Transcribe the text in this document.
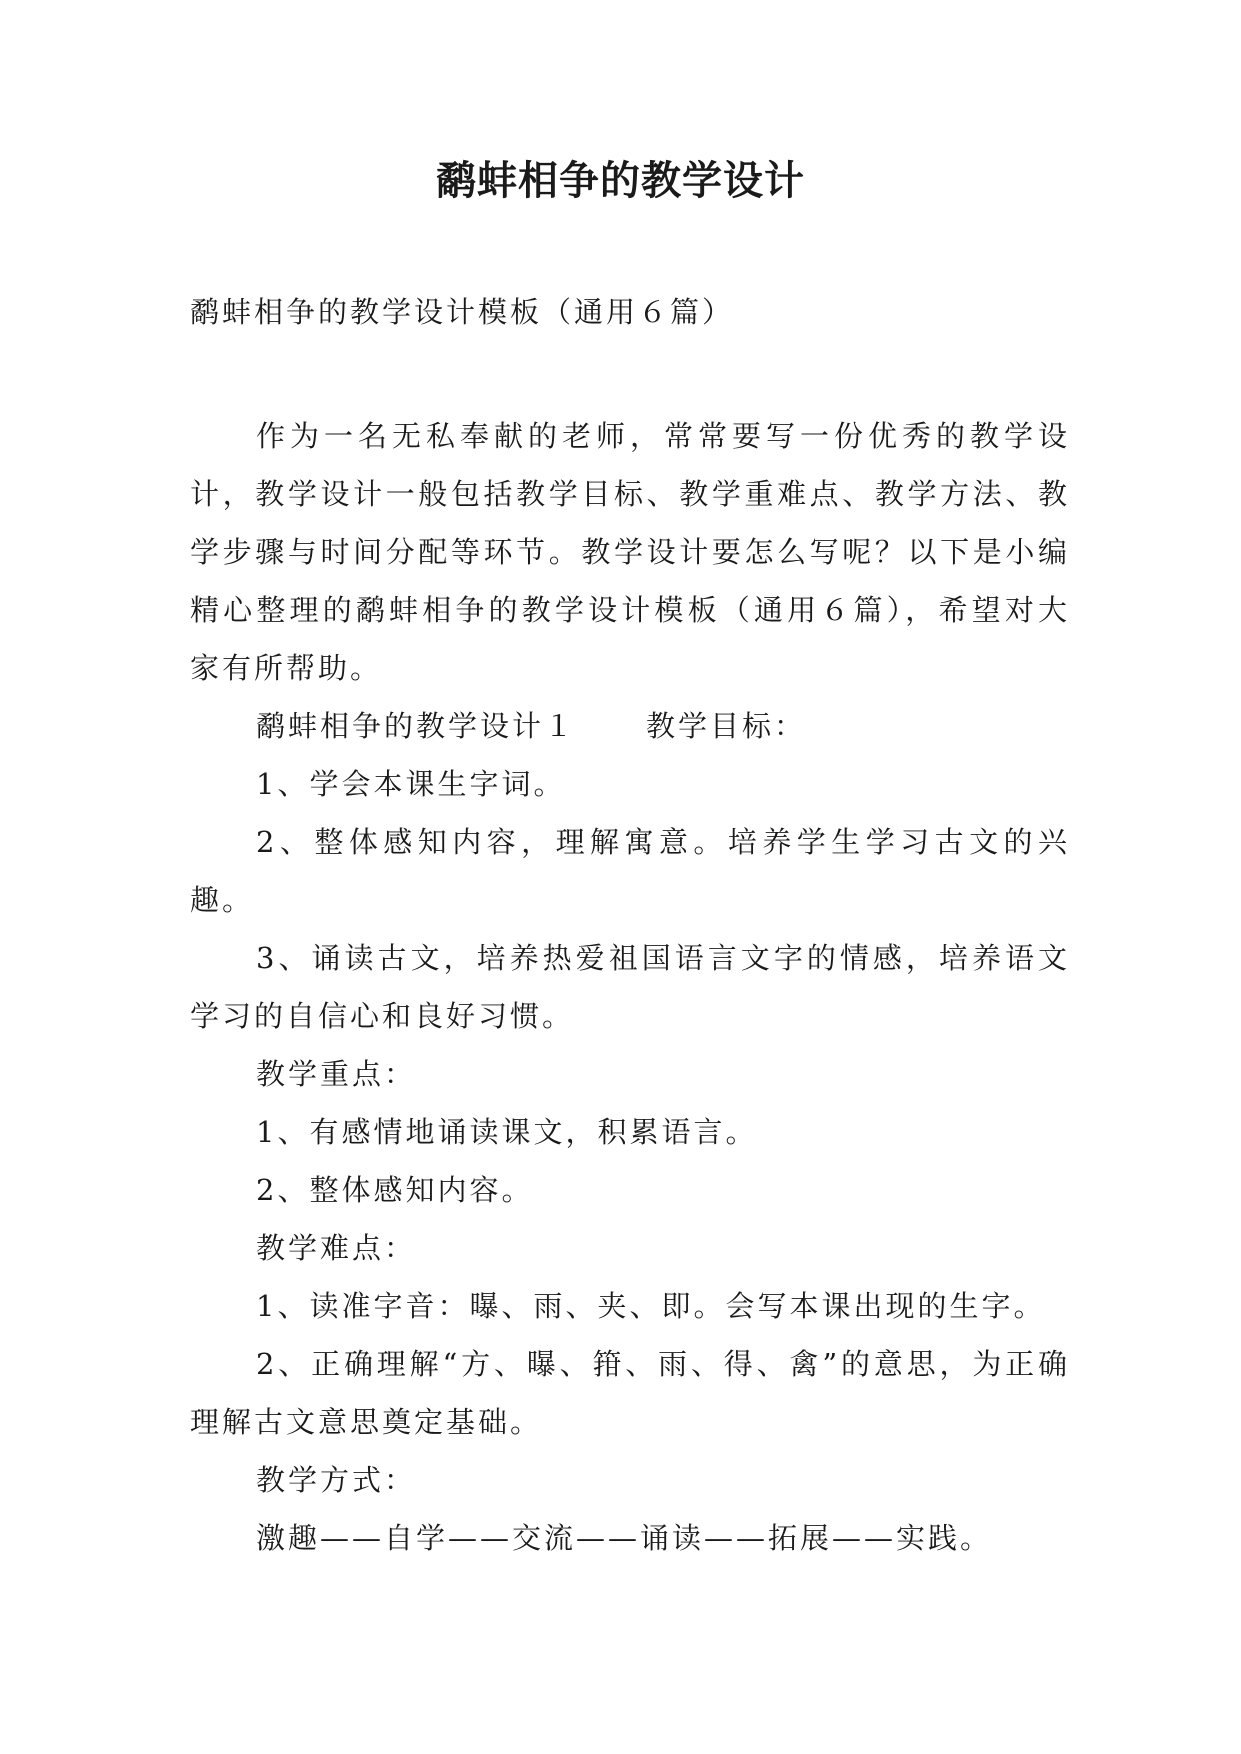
鹬蚌相争的教学设计

鹬蚌相争的教学设计模板（通用６篇）

作为一名无私奉献的老师，常常要写一份优秀的教学设计，教学设计一般包括教学目标、教学重难点、教学方法、教学步骤与时间分配等环节。教学设计要怎么写呢？以下是小编精心整理的鹬蚌相争的教学设计模板（通用６篇），希望对大家有所帮助。

鹬蚌相争的教学设计１ 教学目标：

1、学会本课生字词。

2、整体感知内容，理解寓意。培养学生学习古文的兴趣。

3、诵读古文，培养热爱祖国语言文字的情感，培养语文学习的自信心和良好习惯。

教学重点：

1、有感情地诵读课文，积累语言。

2、整体感知内容。

教学难点：

1、读准字音：曝、雨、夹、即。会写本课出现的生字。

2、正确理解“方、曝、箝、雨、得、禽”的意思，为正确理解古文意思奠定基础。

教学方式：

激趣——自学——交流——诵读——拓展——实践。
